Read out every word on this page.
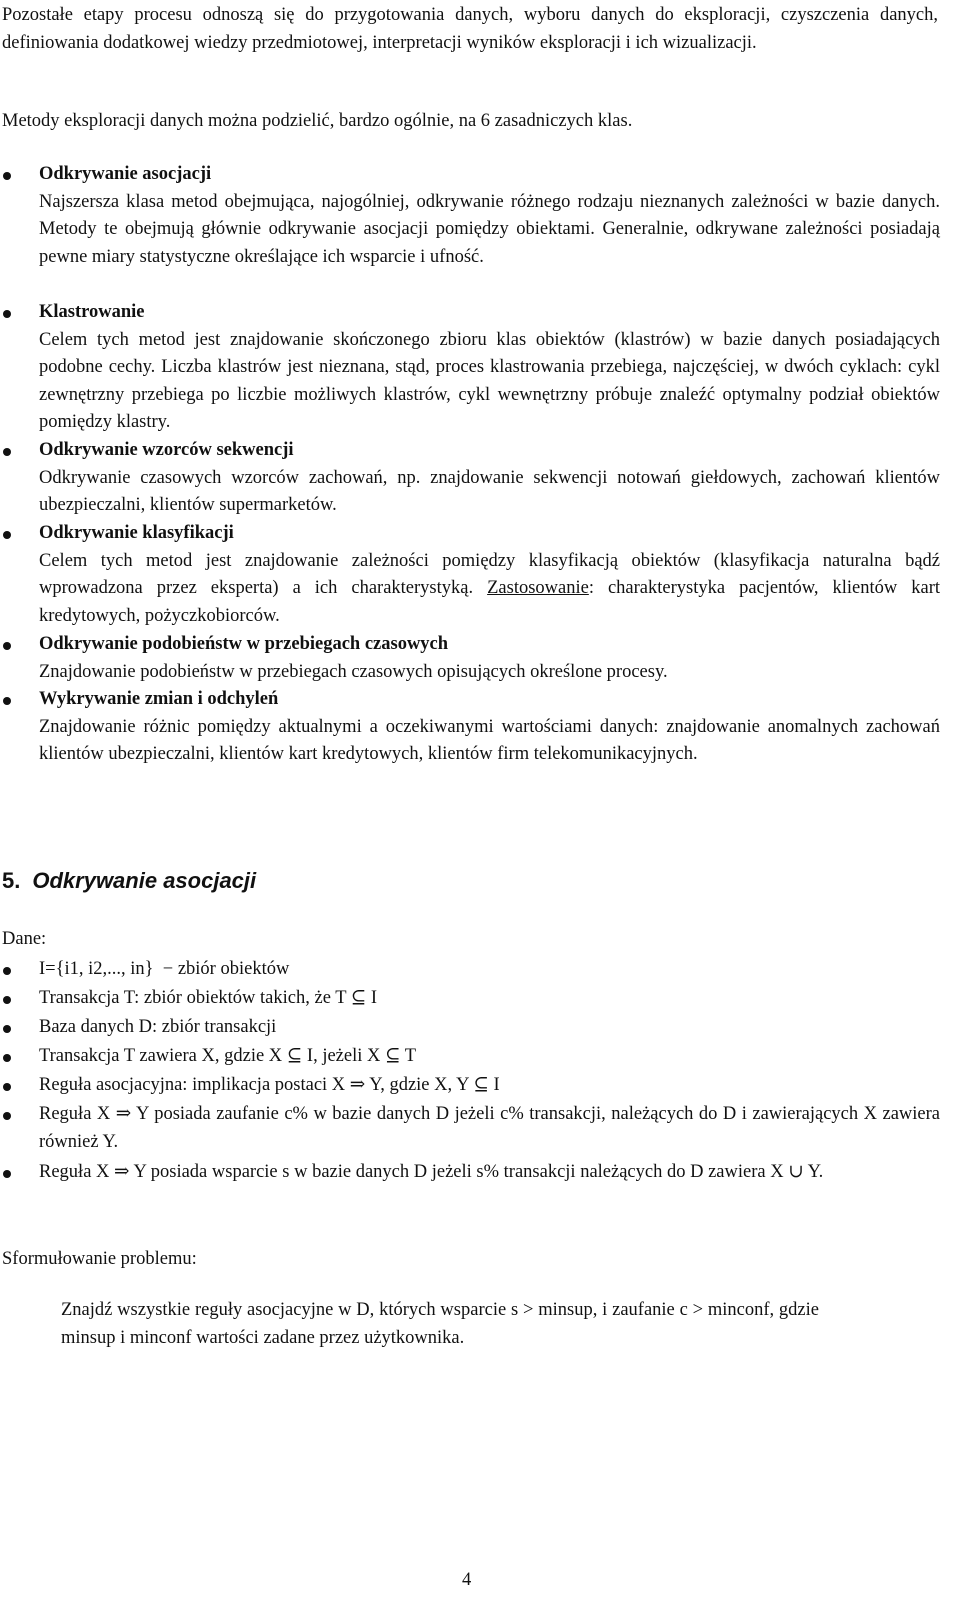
Pozostałe etapy procesu odnoszą się do przygotowania danych, wyboru danych do eksploracji, czyszczenia danych, definiowania dodatkowej wiedzy przedmiotowej, interpretacji wyników eksploracji i ich wizualizacji.
Metody eksploracji danych można podzielić, bardzo ogólnie, na 6 zasadniczych klas.
Odkrywanie asocjacji
Najszersza klasa metod obejmująca, najogólniej, odkrywanie różnego rodzaju nieznanych zależności w bazie danych. Metody te obejmują głównie odkrywanie asocjacji pomiędzy obiektami. Generalnie, odkrywane zależności posiadają pewne miary statystyczne określające ich wsparcie i ufność.
Klastrowanie
Celem tych metod jest znajdowanie skończonego zbioru klas obiektów (klastrów) w bazie danych posiadających podobne cechy. Liczba klastrów jest nieznana, stąd, proces klastrowania przebiega, najczęściej, w dwóch cyklach: cykl zewnętrzny przebiega po liczbie możliwych klastrów, cykl wewnętrzny próbuje znaleźć optymalny podział obiektów pomiędzy klastry.
Odkrywanie wzorców sekwencji
Odkrywanie czasowych wzorców zachowań, np. znajdowanie sekwencji notowań giełdowych, zachowań klientów ubezpieczalni, klientów supermarketów.
Odkrywanie klasyfikacji
Celem tych metod jest znajdowanie zależności pomiędzy klasyfikacją obiektów (klasyfikacja naturalna bądź wprowadzona przez eksperta) a ich charakterystyką. Zastosowanie: charakterystyka pacjentów, klientów kart kredytowych, pożyczkobiorców.
Odkrywanie podobieństw w przebiegach czasowych
Znajdowanie podobieństw w przebiegach czasowych opisujących określone procesy.
Wykrywanie zmian i odchyleń
Znajdowanie różnic pomiędzy aktualnymi a oczekiwanymi wartościami danych: znajdowanie anomalnych zachowań klientów ubezpieczalni, klientów kart kredytowych, klientów firm telekomunikacyjnych.
5. Odkrywanie asocjacji
Dane:
I={i1, i2,..., in}  − zbiór obiektów
Transakcja T: zbiór obiektów takich, że T ⊆ I
Baza danych D: zbiór transakcji
Transakcja T zawiera X, gdzie X ⊆ I, jeżeli X ⊆ T
Reguła asocjacyjna: implikacja postaci X ⇒ Y, gdzie X, Y ⊆ I
Reguła X ⇒ Y posiada zaufanie c% w bazie danych D jeżeli c% transakcji, należących do D i zawierających X zawiera również Y.
Reguła X ⇒ Y posiada wsparcie s w bazie danych D jeżeli s% transakcji należących do D zawiera X ∪ Y.
Sformułowanie problemu:
Znajdź wszystkie reguły asocjacyjne w D, których wsparcie s > minsup, i zaufanie c > minconf, gdzie minsup i minconf wartości zadane przez użytkownika.
4
